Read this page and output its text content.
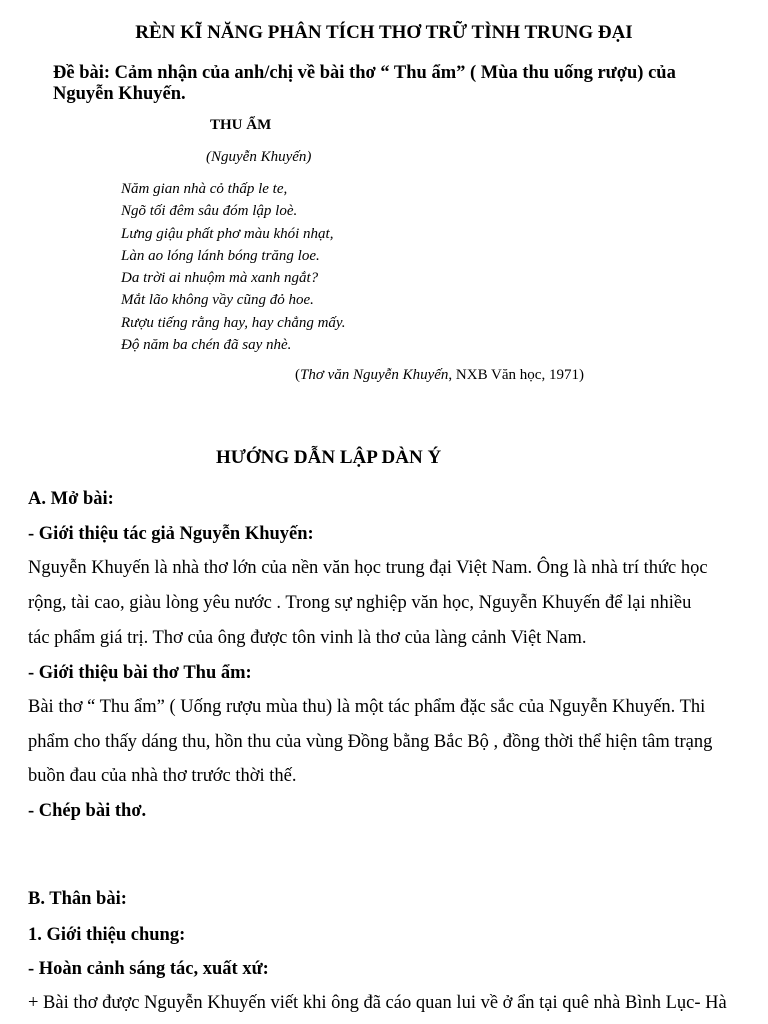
RÈN KĨ NĂNG PHÂN TÍCH THƠ TRỮ TÌNH TRUNG ĐẠI
Đề bài: Cảm nhận của anh/chị về bài thơ “ Thu ẩm” ( Mùa thu uống rượu) của
Nguyễn Khuyến.
THU ẨM
(Nguyễn Khuyến)
Năm gian nhà cỏ thấp le te,
Ngõ tối đêm sâu đóm lập loè.
Lưng giậu phất phơ màu khói nhạt,
Làn ao lóng lánh bóng trăng loe.
Da trời ai nhuộm mà xanh ngắt?
Mắt lão không vầy cũng đỏ hoe.
Rượu tiếng rằng hay, hay chẳng mấy.
Độ năm ba chén đã say nhè.
(Thơ văn Nguyễn Khuyến, NXB Văn học, 1971)
HƯỚNG DẪN LẬP DÀN Ý
A. Mở bài:
- Giới thiệu tác giả Nguyễn Khuyến:
Nguyễn Khuyến là nhà thơ lớn của nền văn học trung đại Việt Nam. Ông là nhà trí thức học
rộng, tài cao, giàu lòng yêu nước . Trong sự nghiệp văn học, Nguyễn Khuyến để lại nhiều
tác phẩm giá trị. Thơ của ông được tôn vinh là thơ của làng cảnh Việt Nam.
- Giới thiệu bài thơ Thu ẩm:
Bài thơ “ Thu ẩm” ( Uống rượu mùa thu) là một tác phẩm đặc sắc của Nguyễn Khuyến. Thi
phẩm cho thấy dáng thu, hồn thu của vùng Đồng bằng Bắc Bộ , đồng thời thể hiện tâm trạng
buồn đau của nhà thơ trước thời thế.
- Chép bài thơ.
B. Thân bài:
1. Giới thiệu chung:
- Hoàn cảnh sáng tác, xuất xứ:
+ Bài thơ được Nguyễn Khuyến viết khi ông đã cáo quan lui về ở ẩn tại quê nhà Bình Lục- Hà
